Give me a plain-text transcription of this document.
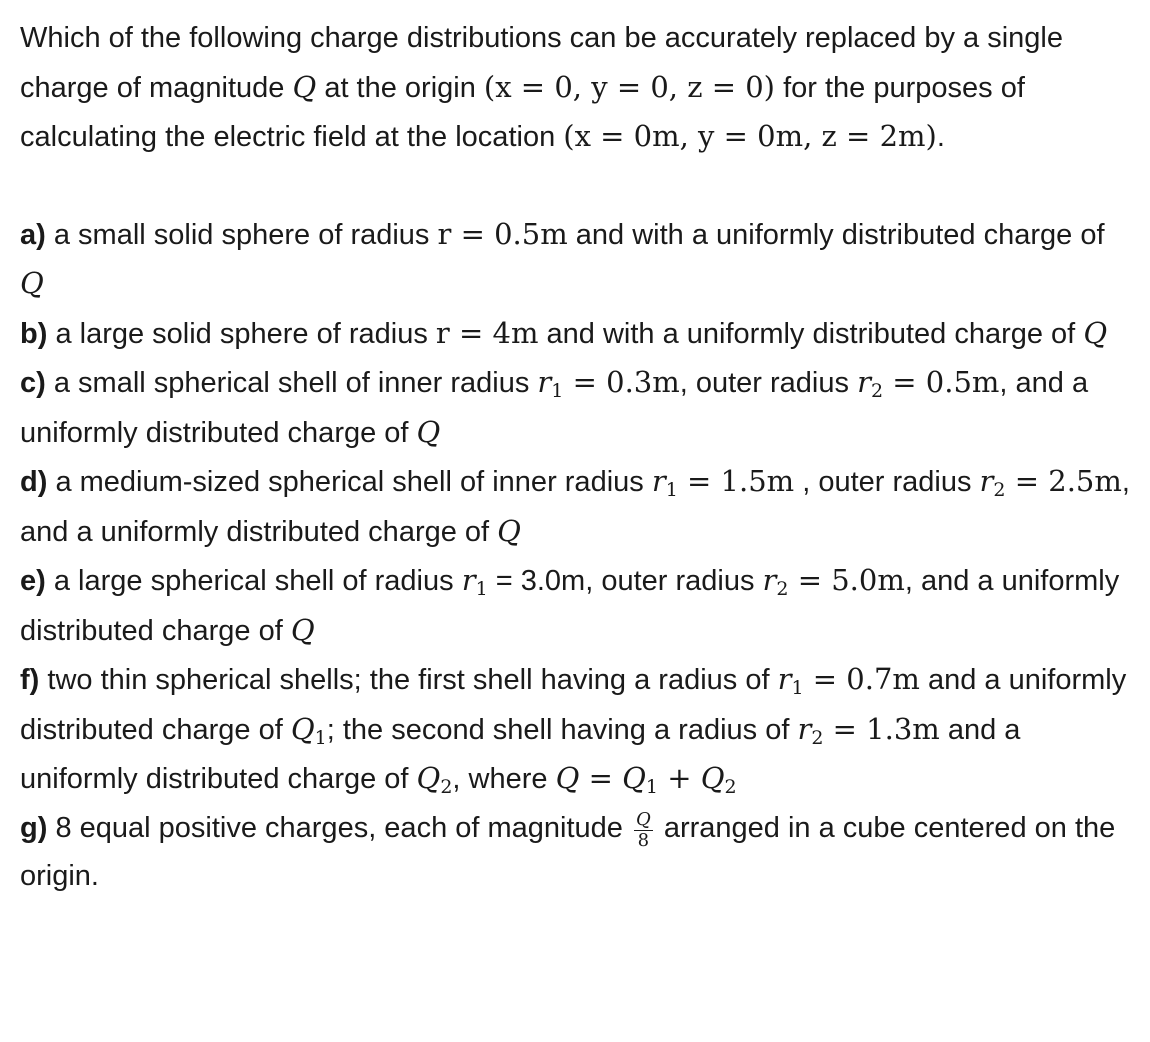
Which of the following charge distributions can be accurately replaced by a single charge of magnitude Q at the origin (x = 0, y = 0, z = 0) for the purposes of calculating the electric field at the location (x = 0m, y = 0m, z = 2m).

a) a small solid sphere of radius r = 0.5m and with a uniformly distributed charge of Q

b) a large solid sphere of radius r = 4m and with a uniformly distributed charge of Q

c) a small spherical shell of inner radius $r_1 = 0.3m$, outer radius $r_2 = 0.5m$, and a uniformly distributed charge of Q

d) a medium-sized spherical shell of inner radius $r_1 = 1.5m$ , outer radius $r_2 = 2.5m$, and a uniformly distributed charge of Q

e) a large spherical shell of radius $r_1 = 3.0m$, outer radius $r_2 = 5.0m$, and a uniformly distributed charge of Q

f) two thin spherical shells; the first shell having a radius of $r_1 = 0.7m$ and a uniformly distributed charge of $Q_1$; the second shell having a radius of $r_2 = 1.3m$ and a uniformly distributed charge of $Q_2$, where $Q = Q_1 + Q_2$

g) 8 equal positive charges, each of magnitude $\frac{Q}{8}$ arranged in a cube centered on the origin.
